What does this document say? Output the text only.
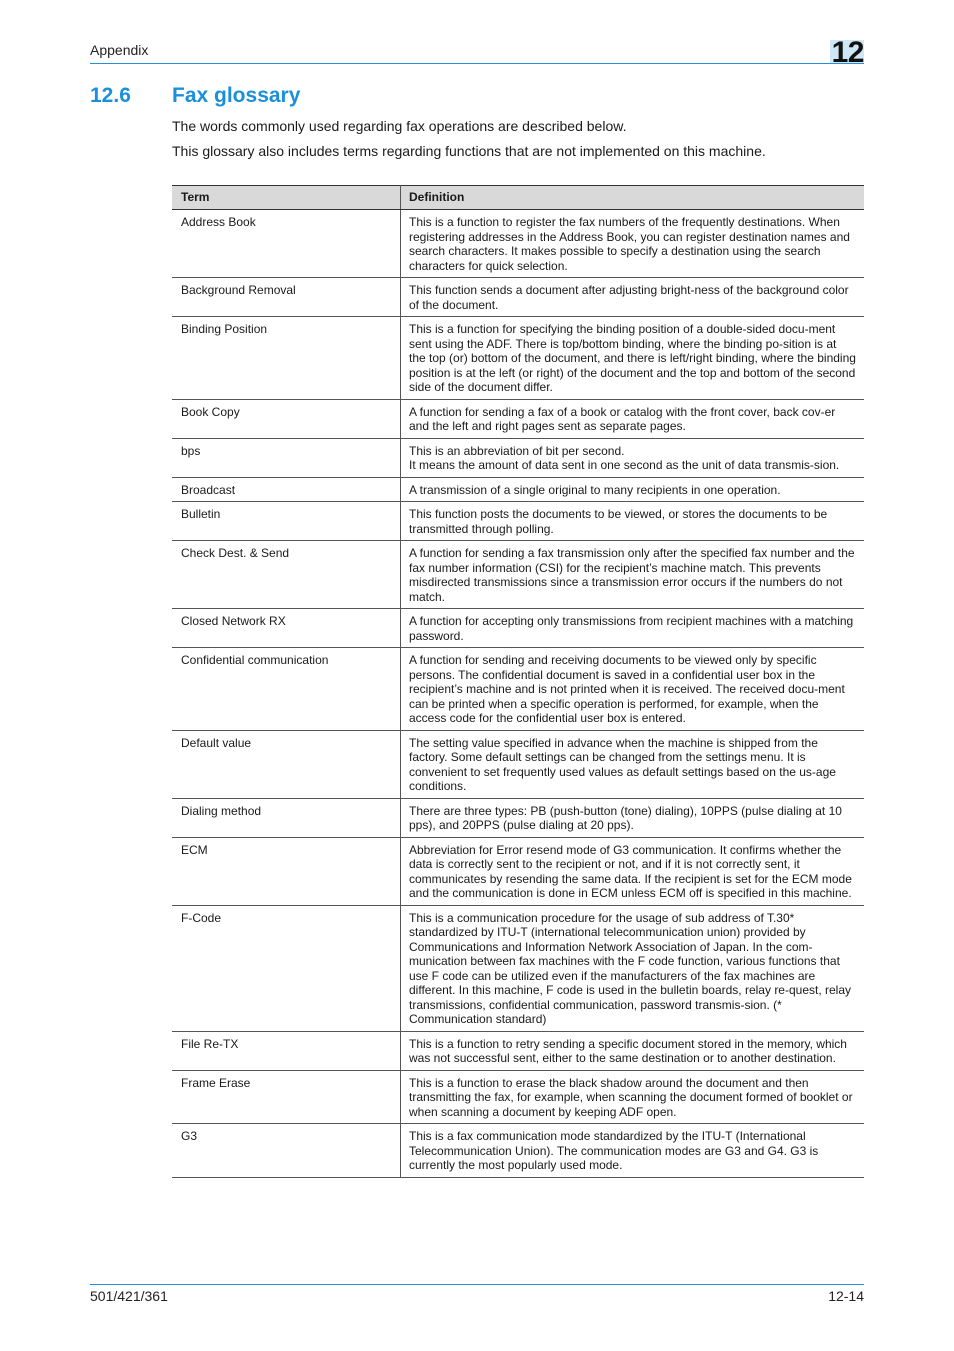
Appendix	12
12.6 Fax glossary
The words commonly used regarding fax operations are described below.
This glossary also includes terms regarding functions that are not implemented on this machine.
Term	Definition
Address Book	This is a function to register the fax numbers of the frequently destinations. When registering addresses in the Address Book, you can register destination names and search characters. It makes possible to specify a destination using the search characters for quick selection.
Background Removal	This function sends a document after adjusting bright-ness of the background color of the document.
Binding Position	This is a function for specifying the binding position of a double-sided docu-ment sent using the ADF. There is top/bottom binding, where the binding po-sition is at the top (or) bottom of the document, and there is left/right binding, where the binding position is at the left (or right) of the document and the top and bottom of the second side of the document differ.
Book Copy	A function for sending a fax of a book or catalog with the front cover, back cov-er and the left and right pages sent as separate pages.
bps	This is an abbreviation of bit per second.
It means the amount of data sent in one second as the unit of data transmis-sion.
Broadcast	A transmission of a single original to many recipients in one operation.
Bulletin	This function posts the documents to be viewed, or stores the documents to be transmitted through polling.
Check Dest. & Send	A function for sending a fax transmission only after the specified fax number and the fax number information (CSI) for the recipient’s machine match. This prevents misdirected transmissions since a transmission error occurs if the numbers do not match.
Closed Network RX	A function for accepting only transmissions from recipient machines with a matching password.
Confidential communication	A function for sending and receiving documents to be viewed only by specific persons. The confidential document is saved in a confidential user box in the recipient’s machine and is not printed when it is received. The received docu-ment can be printed when a specific operation is performed, for example, when the access code for the confidential user box is entered.
Default value	The setting value specified in advance when the machine is shipped from the factory. Some default settings can be changed from the settings menu. It is convenient to set frequently used values as default settings based on the us-age conditions.
Dialing method	There are three types: PB (push-button (tone) dialing), 10PPS (pulse dialing at 10 pps), and 20PPS (pulse dialing at 20 pps).
ECM	Abbreviation for Error resend mode of G3 communication. It confirms whether the data is correctly sent to the recipient or not, and if it is not correctly sent, it communicates by resending the same data. If the recipient is set for the ECM mode and the communication is done in ECM unless ECM off is specified in this machine.
F-Code	This is a communication procedure for the usage of sub address of T.30* standardized by ITU-T (international telecommunication union) provided by Communications and Information Network Association of Japan. In the com-munication between fax machines with the F code function, various functions that use F code can be utilized even if the manufacturers of the fax machines are different. In this machine, F code is used in the bulletin boards, relay re-quest, relay transmissions, confidential communication, password transmis-sion. (* Communication standard)
File Re-TX	This is a function to retry sending a specific document stored in the memory, which was not successful sent, either to the same destination or to another destination.
Frame Erase	This is a function to erase the black shadow around the document and then transmitting the fax, for example, when scanning the document formed of booklet or when scanning a document by keeping ADF open.
G3	This is a fax communication mode standardized by the ITU-T (International Telecommunication Union). The communication modes are G3 and G4. G3 is currently the most popularly used mode.
501/421/361	12-14
